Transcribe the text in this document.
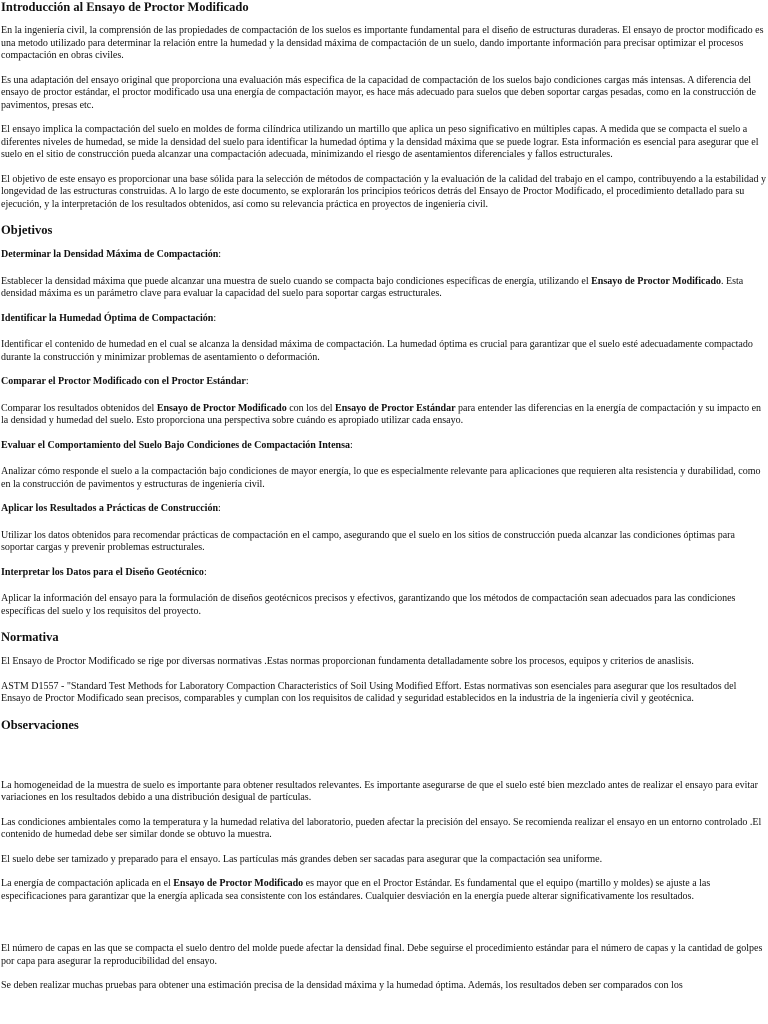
Introducción al Ensayo de Proctor Modificado

En la ingeniería civil, la comprensión de las propiedades de compactación de los suelos es importante fundamental para el diseño de estructuras duraderas. El ensayo de proctor modificado es una metodo utilizado para determinar la relación entre la humedad y la densidad máxima de compactación de un suelo, dando importante información para precisar optimizar el procesos compactación en obras civiles.

Es una adaptación del ensayo original que proporciona una evaluación más especifica de la capacidad de compactación de los suelos bajo condiciones cargas más intensas. A diferencia del ensayo de proctor estándar, el proctor modificado usa una energía de compactación mayor, es hace más adecuado para suelos que deben soportar cargas pesadas, como en la construcción de pavimentos, presas etc.

El ensayo implica la compactación del suelo en moldes de forma cilíndrica utilizando un martillo que aplica un peso significativo en múltiples capas. A medida que se compacta el suelo a diferentes niveles de humedad, se mide la densidad del suelo para identificar la humedad óptima y la densidad máxima que se puede lograr. Esta información es esencial para asegurar que el suelo en el sitio de construcción pueda alcanzar una compactación adecuada, minimizando el riesgo de asentamientos diferenciales y fallos estructurales.

El objetivo de este ensayo es proporcionar una base sólida para la selección de métodos de compactación y la evaluación de la calidad del trabajo en el campo, contribuyendo a la estabilidad y longevidad de las estructuras construidas. A lo largo de este documento, se explorarán los principios teóricos detrás del Ensayo de Proctor Modificado, el procedimiento detallado para su ejecución, y la interpretación de los resultados obtenidos, así como su relevancia práctica en proyectos de ingeniería civil.

Objetivos

Determinar la Densidad Máxima de Compactación:

Establecer la densidad máxima que puede alcanzar una muestra de suelo cuando se compacta bajo condiciones específicas de energía, utilizando el Ensayo de Proctor Modificado. Esta densidad máxima es un parámetro clave para evaluar la capacidad del suelo para soportar cargas estructurales.

Identificar la Humedad Óptima de Compactación:

Identificar el contenido de humedad en el cual se alcanza la densidad máxima de compactación. La humedad óptima es crucial para garantizar que el suelo esté adecuadamente compactado durante la construcción y minimizar problemas de asentamiento o deformación.

Comparar el Proctor Modificado con el Proctor Estándar:

Comparar los resultados obtenidos del Ensayo de Proctor Modificado con los del Ensayo de Proctor Estándar para entender las diferencias en la energía de compactación y su impacto en la densidad y humedad del suelo. Esto proporciona una perspectiva sobre cuándo es apropiado utilizar cada ensayo.

Evaluar el Comportamiento del Suelo Bajo Condiciones de Compactación Intensa:

Analizar cómo responde el suelo a la compactación bajo condiciones de mayor energía, lo que es especialmente relevante para aplicaciones que requieren alta resistencia y durabilidad, como en la construcción de pavimentos y estructuras de ingeniería civil.

Aplicar los Resultados a Prácticas de Construcción:

Utilizar los datos obtenidos para recomendar prácticas de compactación en el campo, asegurando que el suelo en los sitios de construcción pueda alcanzar las condiciones óptimas para soportar cargas y prevenir problemas estructurales.

Interpretar los Datos para el Diseño Geotécnico:

Aplicar la información del ensayo para la formulación de diseños geotécnicos precisos y efectivos, garantizando que los métodos de compactación sean adecuados para las condiciones específicas del suelo y los requisitos del proyecto.

Normativa

El Ensayo de Proctor Modificado se rige por diversas normativas .Estas normas proporcionan fundamenta detalladamente sobre los procesos, equipos y criterios de anaslisis.

ASTM D1557 - "Standard Test Methods for Laboratory Compaction Characteristics of Soil Using Modified Effort. Estas normativas son esenciales para asegurar que los resultados del Ensayo de Proctor Modificado sean precisos, comparables y cumplan con los requisitos de calidad y seguridad establecidos en la industria de la ingeniería civil y geotécnica.

Observaciones

La homogeneidad de la muestra de suelo es importante para obtener resultados relevantes. Es importante asegurarse de que el suelo esté bien mezclado antes de realizar el ensayo para evitar variaciones en los resultados debido a una distribución desigual de partículas.

Las condiciones ambientales como la temperatura y la humedad relativa del laboratorio, pueden afectar la precisión del ensayo. Se recomienda realizar el ensayo en un entorno controlado .El contenido de humedad debe ser similar donde se obtuvo la muestra.

El suelo debe ser tamizado y preparado para el ensayo. Las partículas más grandes deben ser sacadas para asegurar que la compactación sea uniforme.

La energía de compactación aplicada en el Ensayo de Proctor Modificado es mayor que en el Proctor Estándar. Es fundamental que el equipo (martillo y moldes) se ajuste a las especificaciones para garantizar que la energía aplicada sea consistente con los estándares. Cualquier desviación en la energía puede alterar significativamente los resultados.

El número de capas en las que se compacta el suelo dentro del molde puede afectar la densidad final. Debe seguirse el procedimiento estándar para el número de capas y la cantidad de golpes por capa para asegurar la reproducibilidad del ensayo.

Se deben realizar muchas pruebas para obtener una estimación precisa de la densidad máxima y la humedad óptima. Además, los resultados deben ser comparados con los
